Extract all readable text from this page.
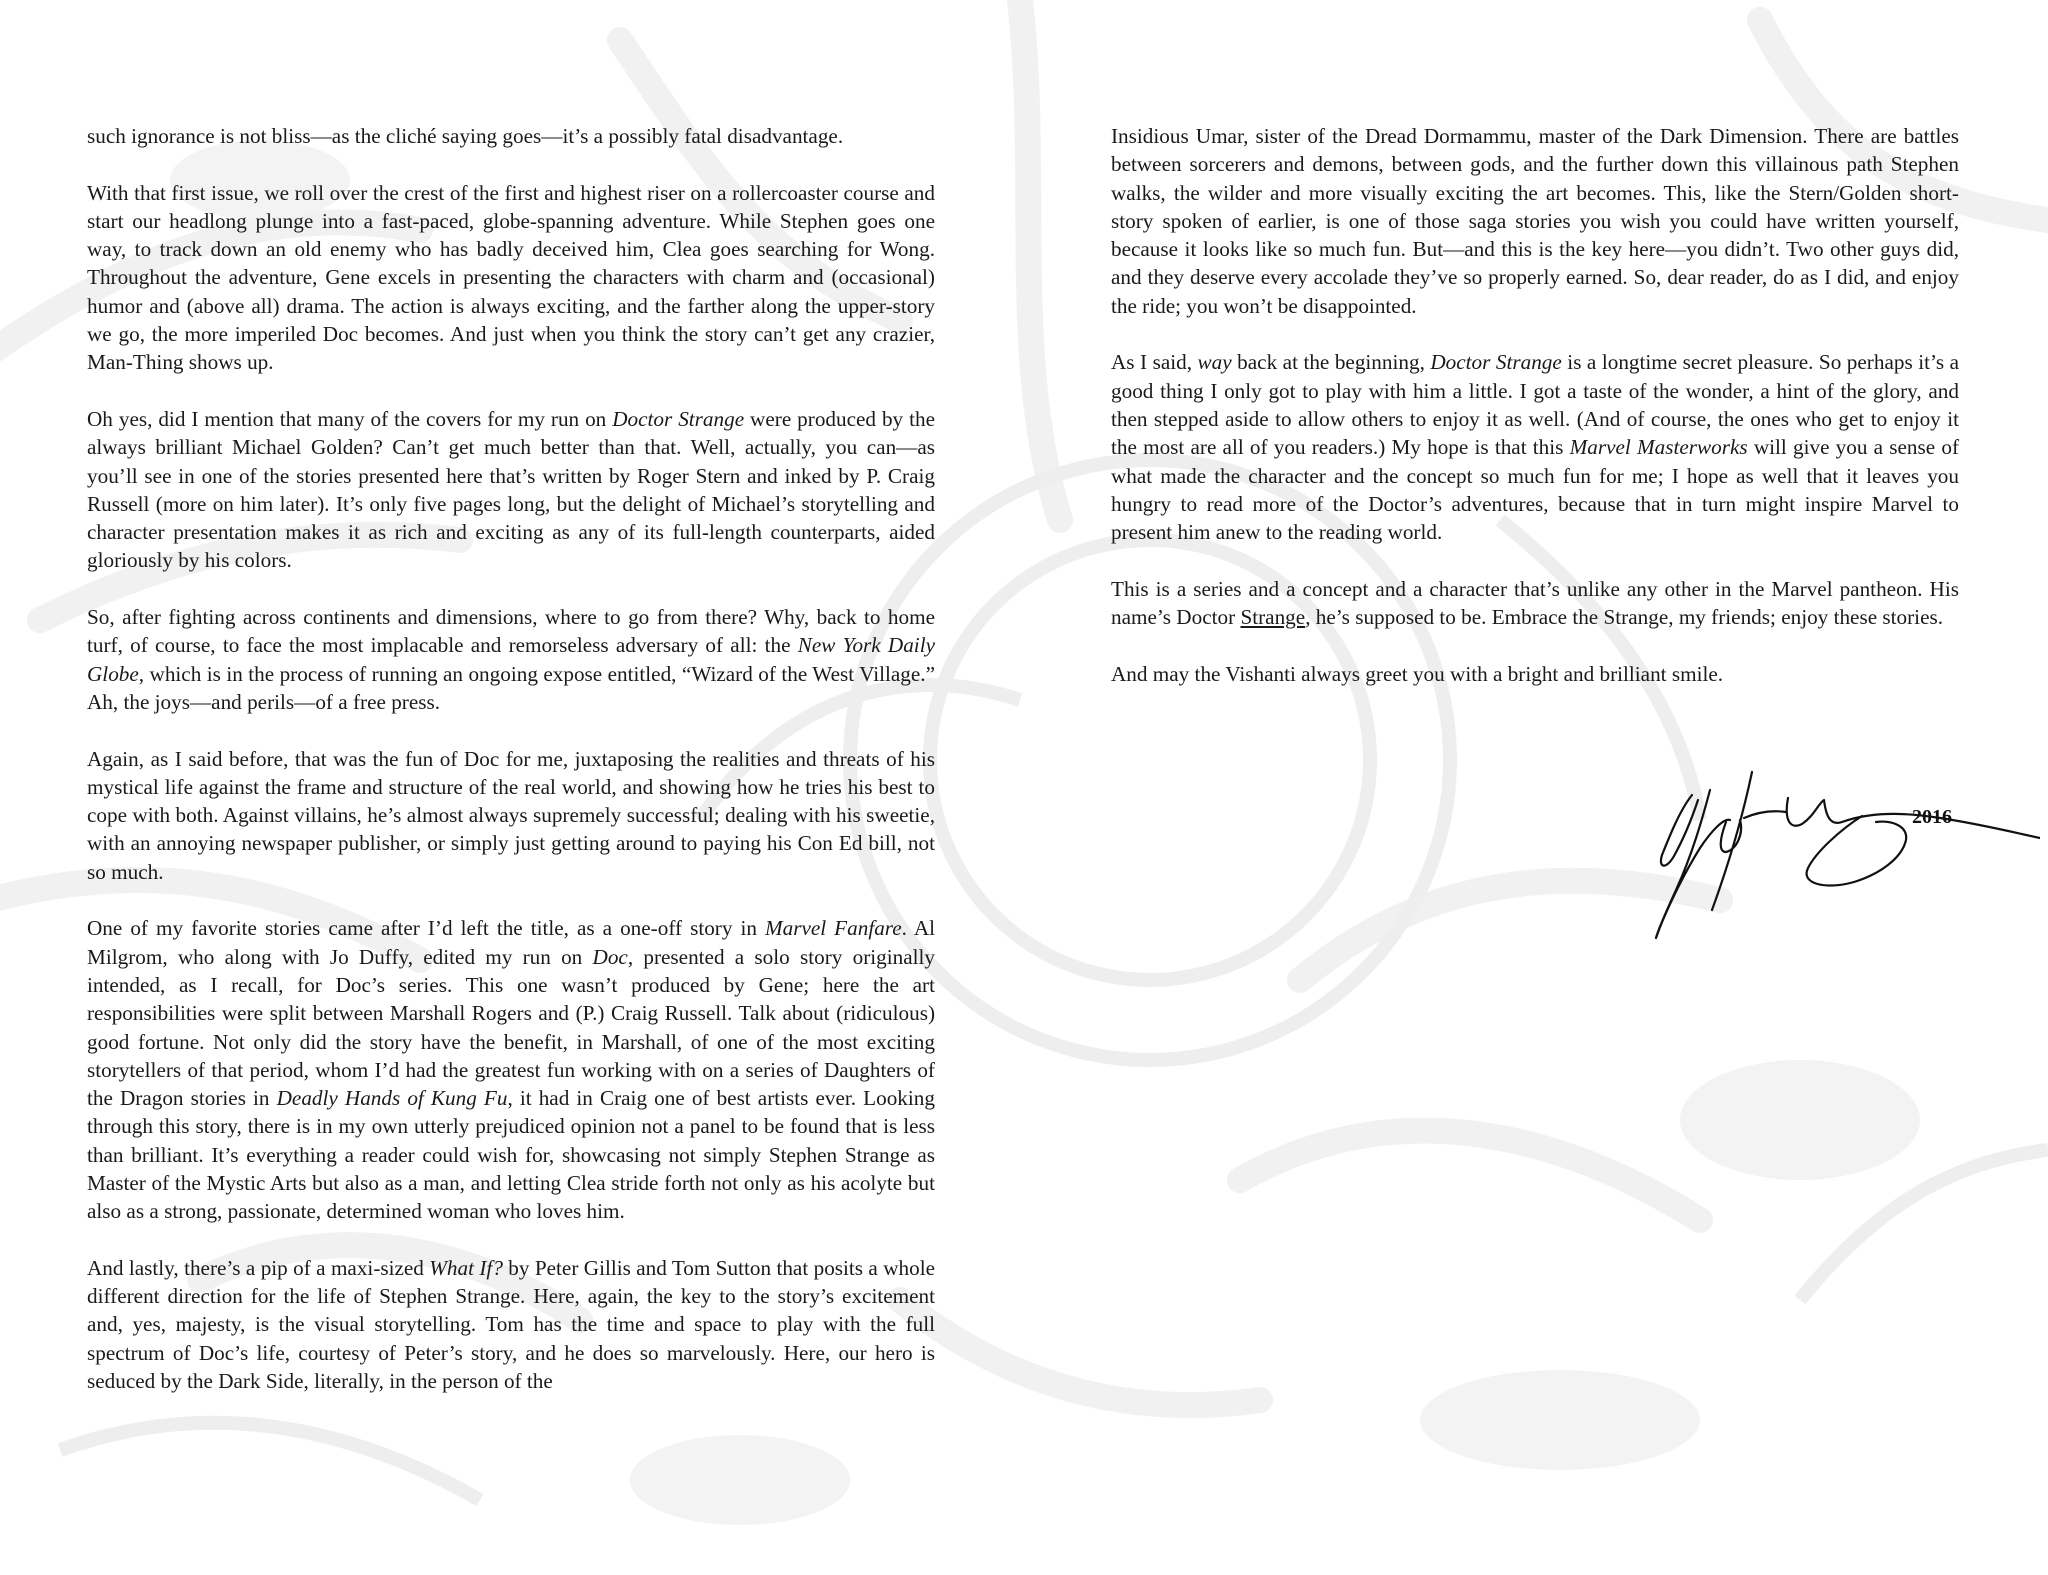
such ignorance is not bliss—as the cliché saying goes—it’s a possibly fatal disadvantage.

With that first issue, we roll over the crest of the first and highest riser on a rollercoaster course and start our headlong plunge into a fast-paced, globe-spanning adventure. While Stephen goes one way, to track down an old enemy who has badly deceived him, Clea goes searching for Wong. Throughout the adventure, Gene excels in presenting the characters with charm and (occasional) humor and (above all) drama. The action is always exciting, and the farther along the upper-story we go, the more imperiled Doc becomes. And just when you think the story can’t get any crazier, Man-Thing shows up.

Oh yes, did I mention that many of the covers for my run on Doctor Strange were produced by the always brilliant Michael Golden? Can’t get much better than that. Well, actually, you can—as you’ll see in one of the stories presented here that’s written by Roger Stern and inked by P. Craig Russell (more on him later). It’s only five pages long, but the delight of Michael’s storytelling and character presentation makes it as rich and exciting as any of its full-length counterparts, aided gloriously by his colors.

So, after fighting across continents and dimensions, where to go from there? Why, back to home turf, of course, to face the most implacable and remorseless adversary of all: the New York Daily Globe, which is in the process of running an ongoing expose entitled, “Wizard of the West Village.” Ah, the joys—and perils—of a free press.

Again, as I said before, that was the fun of Doc for me, juxtaposing the realities and threats of his mystical life against the frame and structure of the real world, and showing how he tries his best to cope with both. Against villains, he’s almost always supremely successful; dealing with his sweetie, with an annoying newspaper publisher, or simply just getting around to paying his Con Ed bill, not so much.

One of my favorite stories came after I’d left the title, as a one-off story in Marvel Fanfare. Al Milgrom, who along with Jo Duffy, edited my run on Doc, presented a solo story originally intended, as I recall, for Doc’s series. This one wasn’t produced by Gene; here the art responsibilities were split between Marshall Rogers and (P.) Craig Russell. Talk about (ridiculous) good fortune. Not only did the story have the benefit, in Marshall, of one of the most exciting storytellers of that period, whom I’d had the greatest fun working with on a series of Daughters of the Dragon stories in Deadly Hands of Kung Fu, it had in Craig one of best artists ever. Looking through this story, there is in my own utterly prejudiced opinion not a panel to be found that is less than brilliant. It’s everything a reader could wish for, showcasing not simply Stephen Strange as Master of the Mystic Arts but also as a man, and letting Clea stride forth not only as his acolyte but also as a strong, passionate, determined woman who loves him.

And lastly, there’s a pip of a maxi-sized What If? by Peter Gillis and Tom Sutton that posits a whole different direction for the life of Stephen Strange. Here, again, the key to the story’s excitement and, yes, majesty, is the visual storytelling. Tom has the time and space to play with the full spectrum of Doc’s life, courtesy of Peter’s story, and he does so marvelously. Here, our hero is seduced by the Dark Side, literally, in the person of the

Insidious Umar, sister of the Dread Dormammu, master of the Dark Dimension. There are battles between sorcerers and demons, between gods, and the further down this villainous path Stephen walks, the wilder and more visually exciting the art becomes. This, like the Stern/Golden short-story spoken of earlier, is one of those saga stories you wish you could have written yourself, because it looks like so much fun. But—and this is the key here—you didn’t. Two other guys did, and they deserve every accolade they’ve so properly earned. So, dear reader, do as I did, and enjoy the ride; you won’t be disappointed.

As I said, way back at the beginning, Doctor Strange is a longtime secret pleasure. So perhaps it’s a good thing I only got to play with him a little. I got a taste of the wonder, a hint of the glory, and then stepped aside to allow others to enjoy it as well. (And of course, the ones who get to enjoy it the most are all of you readers.) My hope is that this Marvel Masterworks will give you a sense of what made the character and the concept so much fun for me; I hope as well that it leaves you hungry to read more of the Doctor’s adventures, because that in turn might inspire Marvel to present him anew to the reading world.

This is a series and a concept and a character that’s unlike any other in the Marvel pantheon. His name’s Doctor Strange, he’s supposed to be. Embrace the Strange, my friends; enjoy these stories.

And may the Vishanti always greet you with a bright and brilliant smile.

2016
